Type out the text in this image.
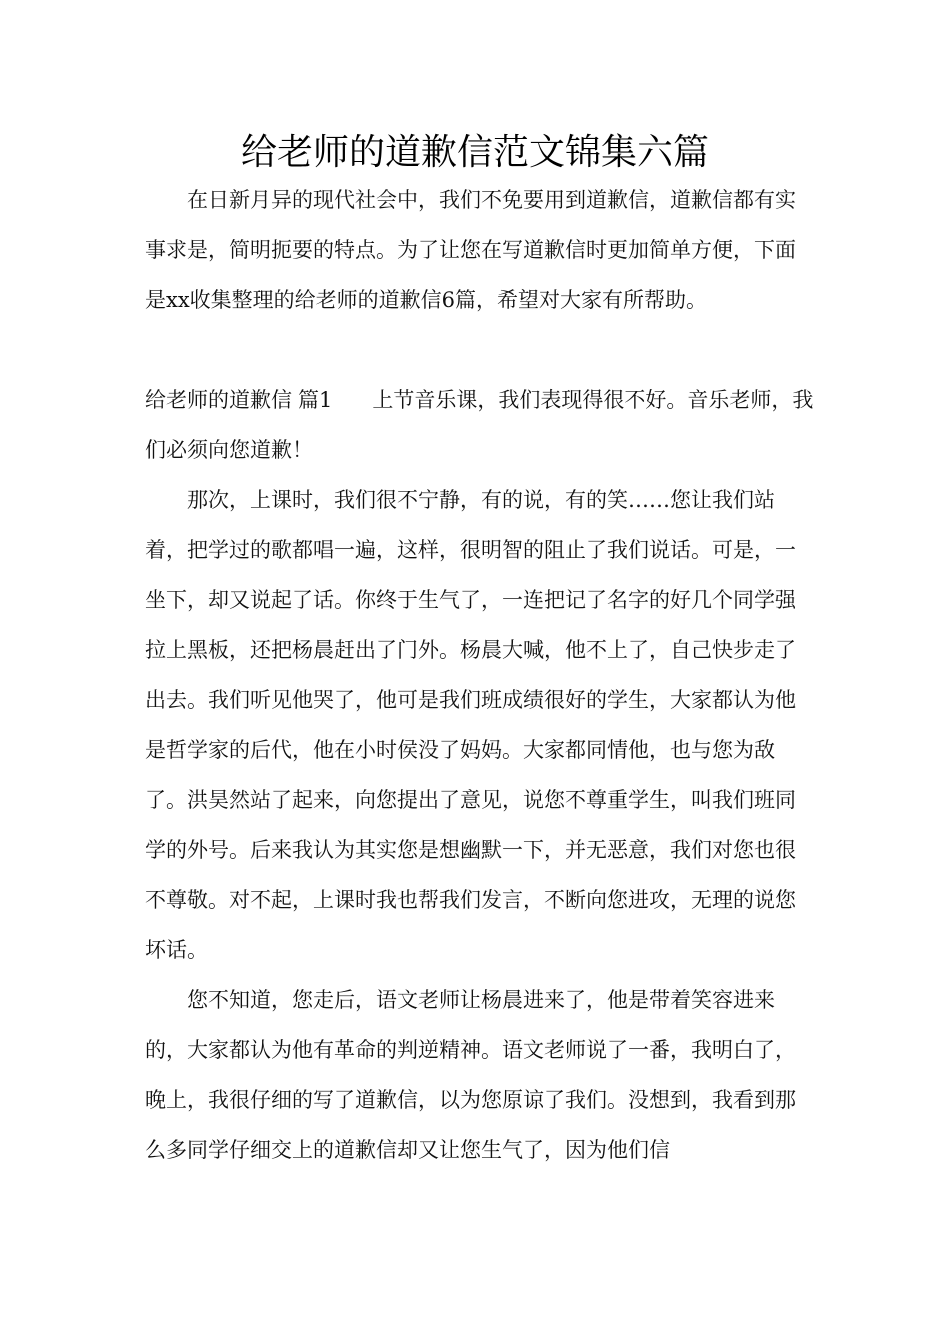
给老师的道歉信范文锦集六篇

在日新月异的现代社会中，我们不免要用到道歉信，道歉信都有实事求是，简明扼要的特点。为了让您在写道歉信时更加简单方便，下面是xx收集整理的给老师的道歉信6篇，希望对大家有所帮助。

给老师的道歉信 篇1 上节音乐课，我们表现得很不好。音乐老师，我们必须向您道歉！

那次，上课时，我们很不宁静，有的说，有的笑……您让我们站着，把学过的歌都唱一遍，这样，很明智的阻止了我们说话。可是，一坐下，却又说起了话。你终于生气了，一连把记了名字的好几个同学强拉上黑板，还把杨晨赶出了门外。杨晨大喊，他不上了，自己快步走了出去。我们听见他哭了，他可是我们班成绩很好的学生，大家都认为他是哲学家的后代，他在小时侯没了妈妈。大家都同情他，也与您为敌了。洪昊然站了起来，向您提出了意见，说您不尊重学生，叫我们班同学的外号。后来我认为其实您是想幽默一下，并无恶意，我们对您也很不尊敬。对不起，上课时我也帮我们发言，不断向您进攻，无理的说您坏话。

您不知道，您走后，语文老师让杨晨进来了，他是带着笑容进来的，大家都认为他有革命的判逆精神。语文老师说了一番，我明白了，晚上，我很仔细的写了道歉信，以为您原谅了我们。没想到，我看到那么多同学仔细交上的道歉信却又让您生气了，因为他们信
